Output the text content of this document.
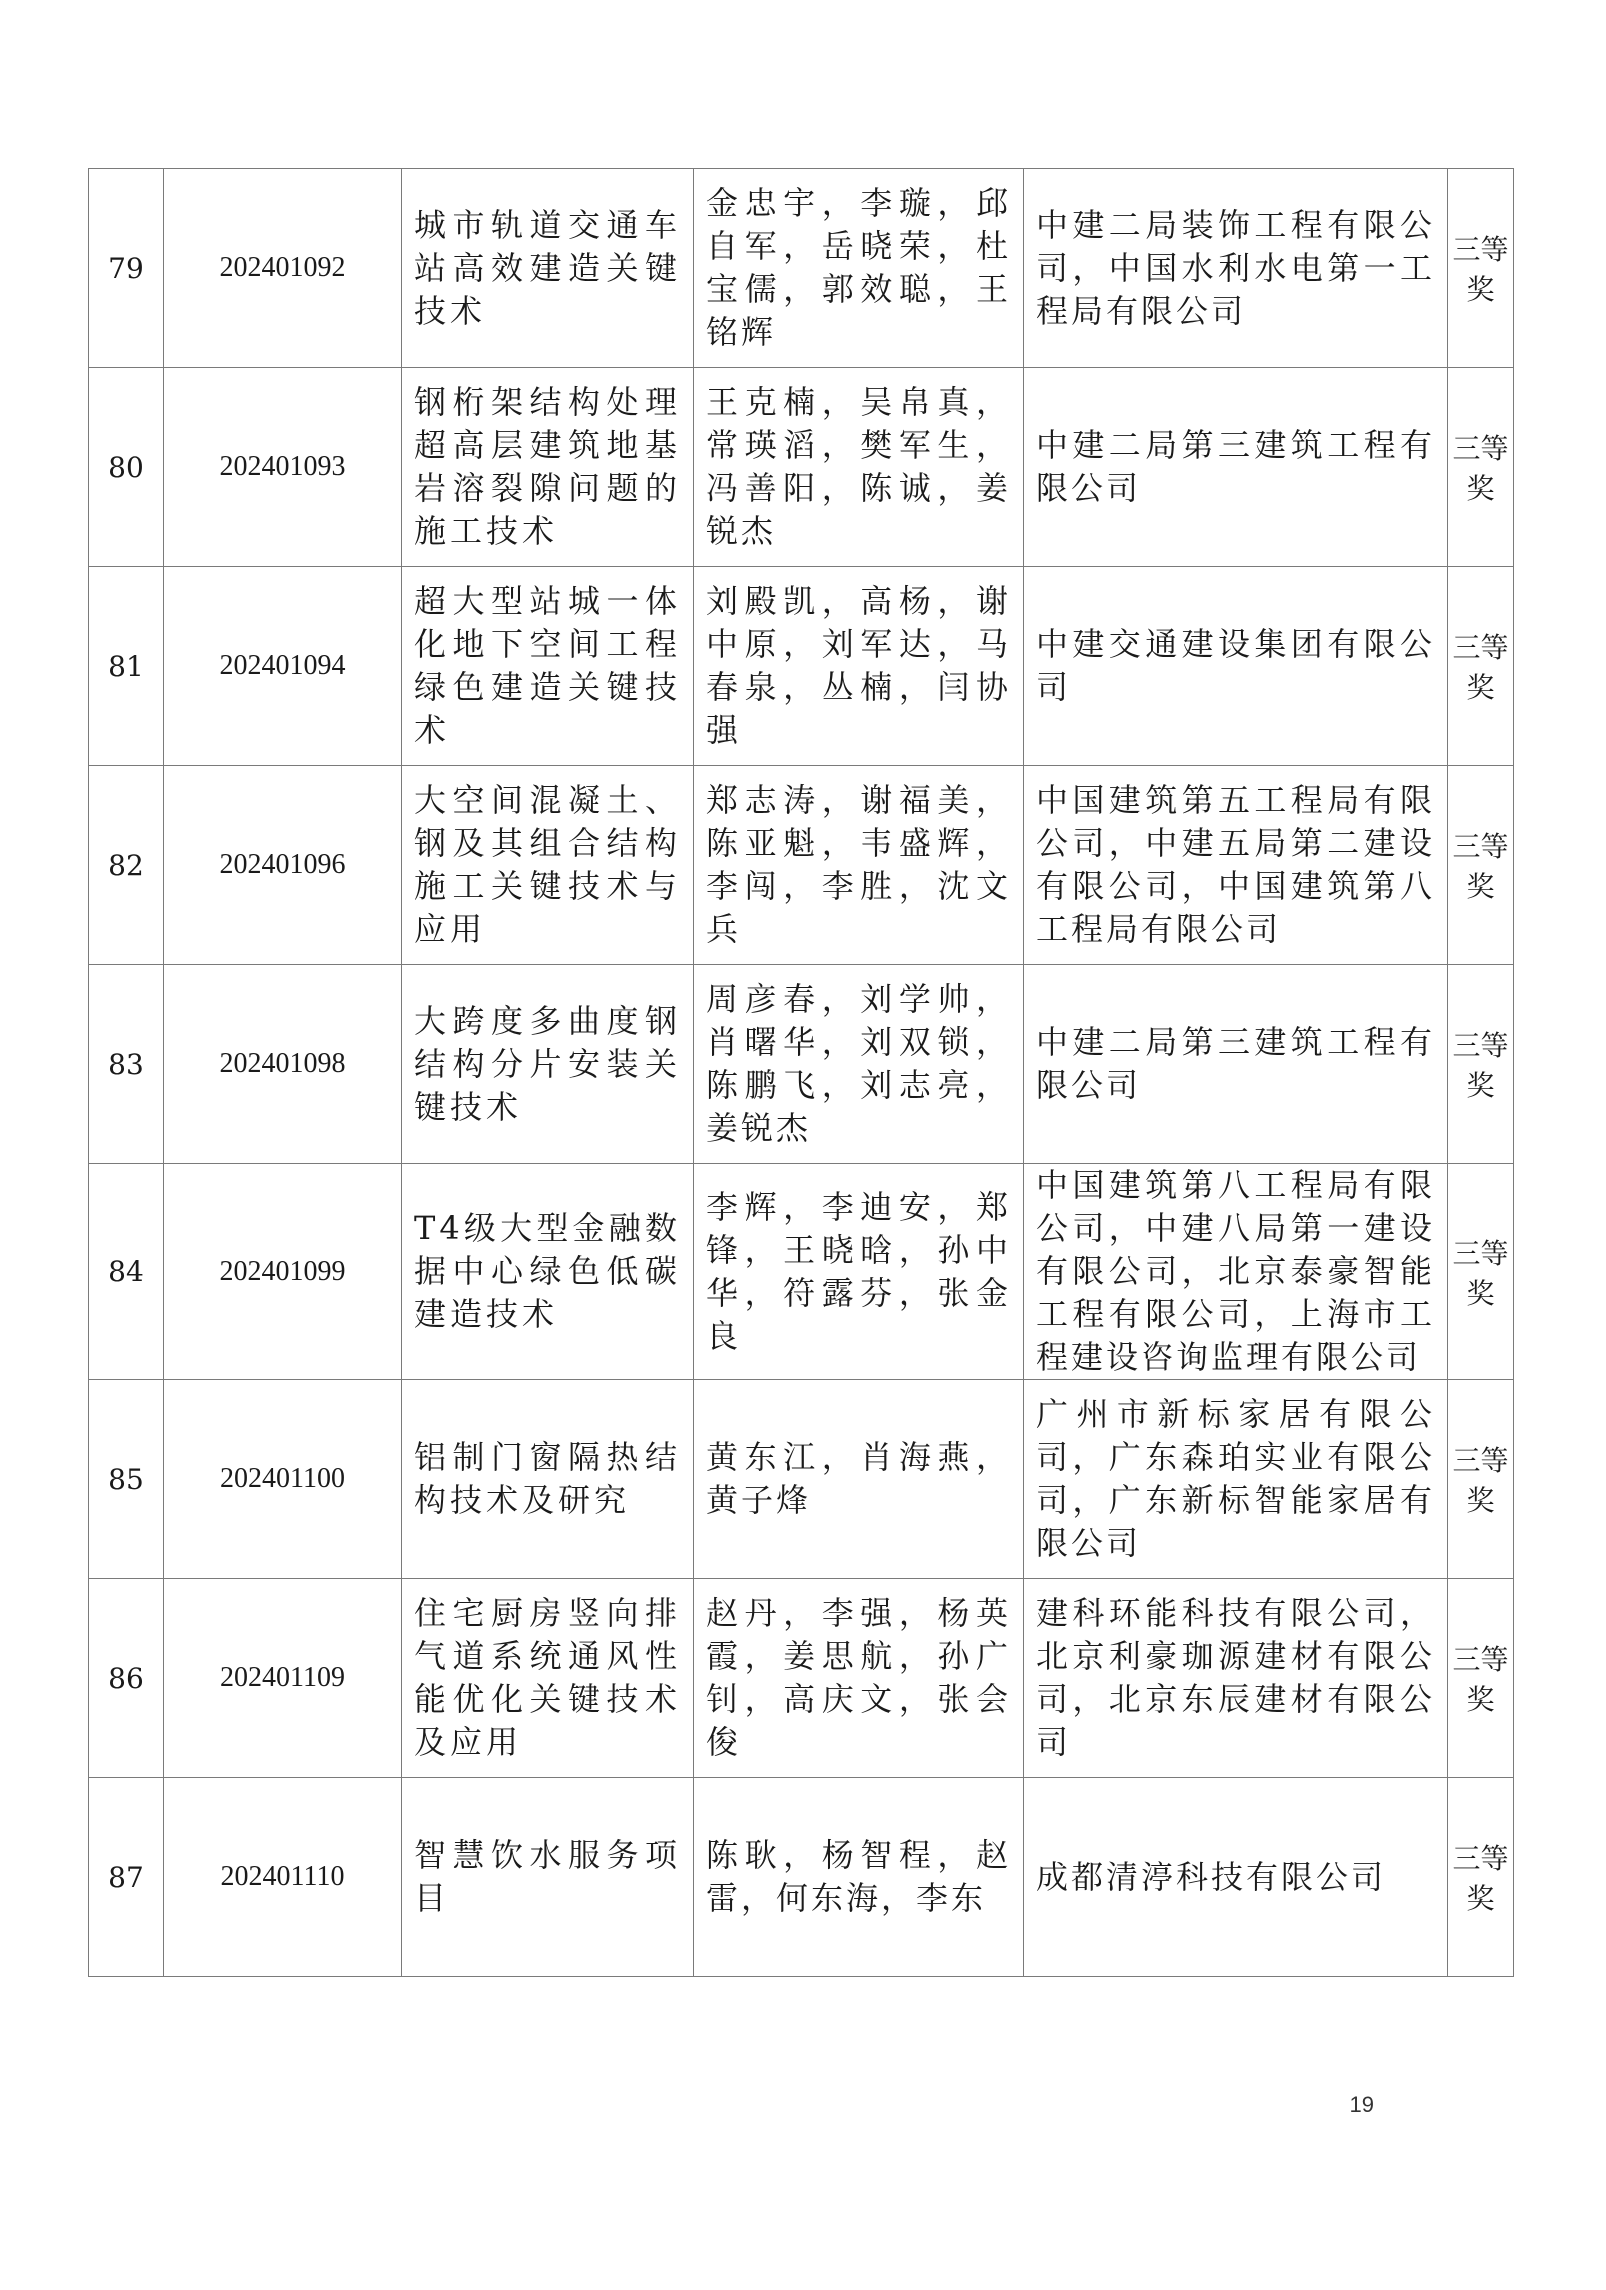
79	202401092	城市轨道交通车站高效建造关键技术	金忠宇，李璇，邱自军，岳晓荣，杜宝儒，郭效聪，王铭辉	中建二局装饰工程有限公司，中国水利水电第一工程局有限公司	三等奖
80	202401093	钢桁架结构处理超高层建筑地基岩溶裂隙问题的施工技术	王克楠，吴帛真，常瑛滔，樊军生，冯善阳，陈诚，姜锐杰	中建二局第三建筑工程有限公司	三等奖
81	202401094	超大型站城一体化地下空间工程绿色建造关键技术	刘殿凯，高杨，谢中原，刘军达，马春泉，丛楠，闫协强	中建交通建设集团有限公司	三等奖
82	202401096	大空间混凝土、钢及其组合结构施工关键技术与应用	郑志涛，谢福美，陈亚魁，韦盛辉，李闯，李胜，沈文兵	中国建筑第五工程局有限公司，中建五局第二建设有限公司，中国建筑第八工程局有限公司	三等奖
83	202401098	大跨度多曲度钢结构分片安装关键技术	周彦春，刘学帅，肖曙华，刘双锁，陈鹏飞，刘志亮，姜锐杰	中建二局第三建筑工程有限公司	三等奖
84	202401099	T4级大型金融数据中心绿色低碳建造技术	李辉，李迪安，郑锋，王晓晗，孙中华，符露芬，张金良	中国建筑第八工程局有限公司，中建八局第一建设有限公司，北京泰豪智能工程有限公司，上海市工程建设咨询监理有限公司	三等奖
85	202401100	铝制门窗隔热结构技术及研究	黄东江，肖海燕，黄子烽	广州市新标家居有限公司，广东森珀实业有限公司，广东新标智能家居有限公司	三等奖
86	202401109	住宅厨房竖向排气道系统通风性能优化关键技术及应用	赵丹，李强，杨英霞，姜思航，孙广钊，高庆文，张会俊	建科环能科技有限公司，北京利豪珈源建材有限公司，北京东辰建材有限公司	三等奖
87	202401110	智慧饮水服务项目	陈耿，杨智程，赵雷，何东海，李东	成都清渟科技有限公司	三等奖
19
